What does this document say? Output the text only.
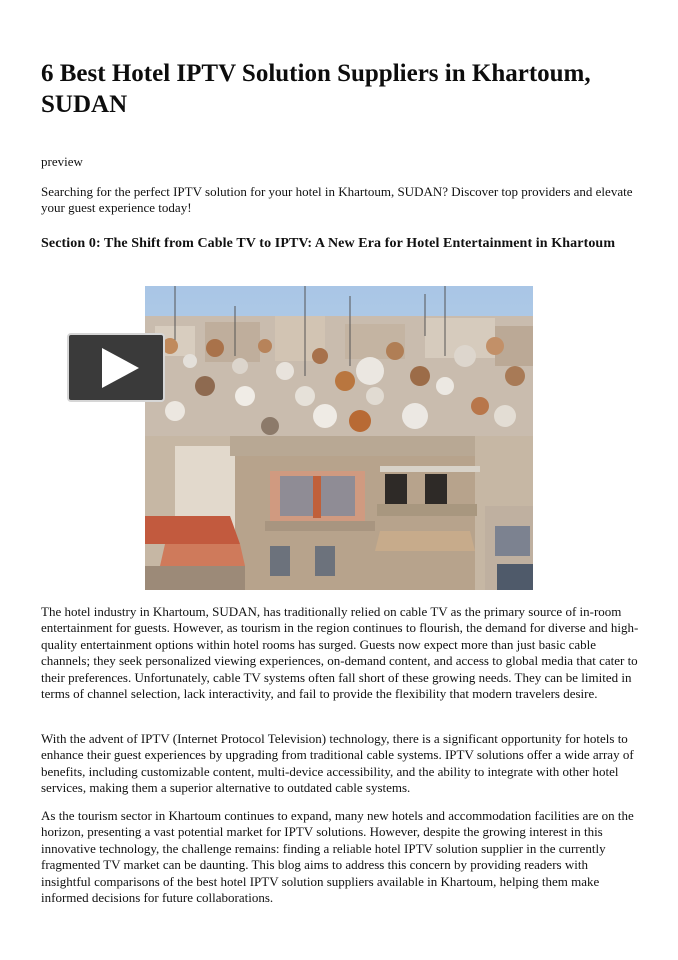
6 Best Hotel IPTV Solution Suppliers in Khartoum, SUDAN
preview
Searching for the perfect IPTV solution for your hotel in Khartoum, SUDAN? Discover top providers and elevate your guest experience today!
Section 0: The Shift from Cable TV to IPTV: A New Era for Hotel Entertainment in Khartoum

The hotel industry in Khartoum, SUDAN, has traditionally relied on cable TV as the primary source of in-room entertainment for guests. However, as tourism in the region continues to flourish, the demand for diverse and high-quality entertainment options within hotel rooms has surged. Guests now expect more than just basic cable channels; they seek personalized viewing experiences, on-demand content, and access to global media that cater to their preferences. Unfortunately, cable TV systems often fall short of these growing needs. They can be limited in terms of channel selection, lack interactivity, and fail to provide the flexibility that modern travelers desire.

With the advent of IPTV (Internet Protocol Television) technology, there is a significant opportunity for hotels to enhance their guest experiences by upgrading from traditional cable systems. IPTV solutions offer a wide array of benefits, including customizable content, multi-device accessibility, and the ability to integrate with other hotel services, making them a superior alternative to outdated cable systems.

As the tourism sector in Khartoum continues to expand, many new hotels and accommodation facilities are on the horizon, presenting a vast potential market for IPTV solutions. However, despite the growing interest in this innovative technology, the challenge remains: finding a reliable hotel IPTV solution supplier in the currently fragmented TV market can be daunting. This blog aims to address this concern by providing readers with insightful comparisons of the best hotel IPTV solution suppliers available in Khartoum, helping them make informed decisions for future collaborations.
